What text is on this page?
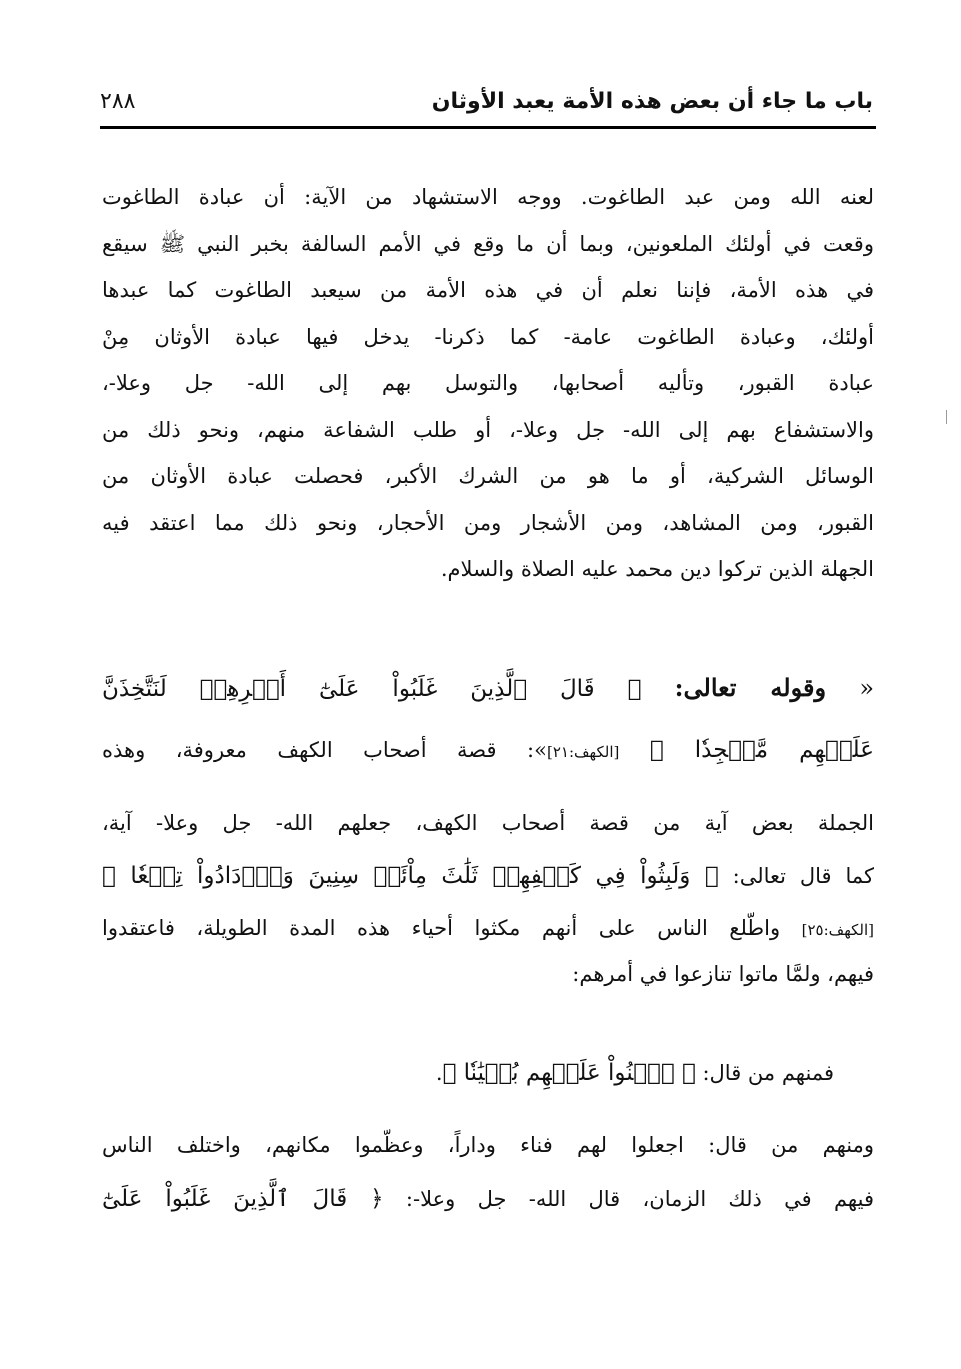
باب ما جاء أن بعض هذه الأمة يعبد الأوثان
٢٨٨
لعنه الله ومن عبد الطاغوت. ووجه الاستشهاد من الآية: أن عبادة الطاغوت
وقعت في أولئك الملعونين، وبما أن ما وقع في الأمم السالفة بخبر النبي ﷺ سيقع
في هذه الأمة، فإننا نعلم أن في هذه الأمة من سيعبد الطاغوت كما عبدها
أولئك، وعبادة الطاغوت عامة- كما ذكرنا- يدخل فيها عبادة الأوثان مِنْ
عبادة القبور، وتأليه أصحابها، والتوسل بهم إلى الله- جل وعلا-،
والاستشفاع بهم إلى الله- جل وعلا-، أو طلب الشفاعة منهم، ونحو ذلك من
الوسائل الشركية، أو ما هو من الشرك الأكبر، فحصلت عبادة الأوثان من
القبور، ومن المشاهد، ومن الأشجار ومن الأحجار، ونحو ذلك مما اعتقد فيه
الجهلة الذين تركوا دين محمد عليه الصلاة والسلام.
« وقوله تعالى: ﴿ قَالَ ٱلَّذِينَ غَلَبُواْ عَلَىٰٓ أَمۡرِهِمۡ لَنَتَّخِذَنَّ
عَلَيۡهِم مَّسۡجِدٗا ﴾ [الكهف:٢١]»: قصة أصحاب الكهف معروفة، وهذه
الجملة بعض آية من قصة أصحاب الكهف، جعلهم الله- جل وعلا- آية،
كما قال تعالى: ﴿ وَلَبِثُواْ فِي كَهۡفِهِمۡ ثَلَٰثَ مِاْئَةٖ سِنِينَ وَٱزۡدَادُواْ تِسۡعٗا ﴾
[الكهف:٢٥] واطّلع الناس على أنهم مكثوا أحياء هذه المدة الطويلة، فاعتقدوا
فيهم، ولمَّا ماتوا تنازعوا في أمرهم:
فمنهم من قال: ﴿ ٱبۡنُواْ عَلَيۡهِم بُنۡيَٰنٗا ﴾.
ومنهم من قال: اجعلوا لهم فناء وداراً، وعظّموا مكانهم، واختلف الناس
فيهم في ذلك الزمان، قال الله- جل وعلا-: ﴿ قَالَ ٱلَّذِينَ غَلَبُواْ عَلَىٰٓ
